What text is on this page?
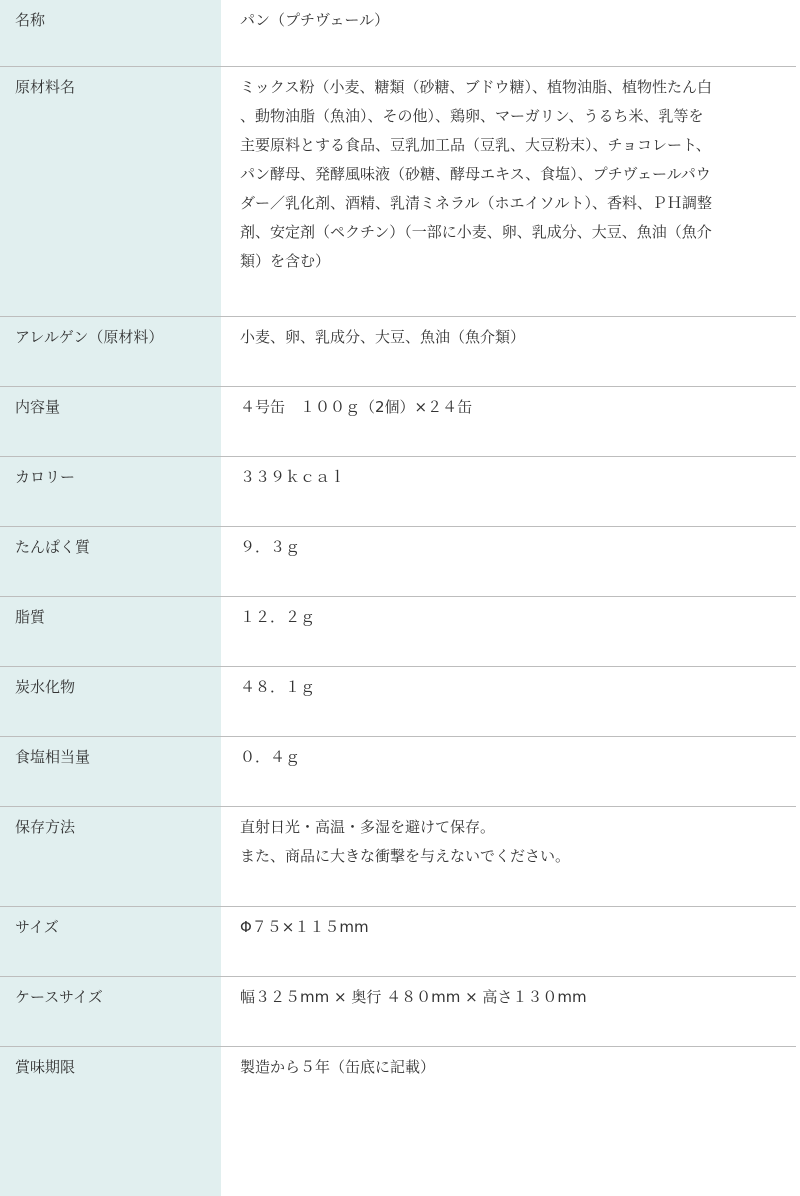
名称	パン（プチヴェール）
原材料名	ミックス粉（小麦、糖類（砂糖、ブドウ糖）、植物油脂、植物性たん白
、動物油脂（魚油）、その他）、鶏卵、マーガリン、うるち米、乳等を
主要原料とする食品、豆乳加工品（豆乳、大豆粉末）、チョコレート、
パン酵母、発酵風味液（砂糖、酵母エキス、食塩）、プチヴェールパウ
ダー／乳化剤、酒精、乳清ミネラル（ホエイソルト）、香料、ＰＨ調整
剤、安定剤（ペクチン）（一部に小麦、卵、乳成分、大豆、魚油（魚介
類）を含む）
アレルゲン（原材料）	小麦、卵、乳成分、大豆、魚油（魚介類）
内容量	４号缶　１００ｇ（2個）×２４缶
カロリー	３３９ｋｃａｌ
たんぱく質	９．３ｇ
脂質	１２．２ｇ
炭水化物	４８．１ｇ
食塩相当量	０．４ｇ
保存方法	直射日光・高温・多湿を避けて保存。
また、商品に大きな衝撃を与えないでください。
サイズ	Φ７５×１１５mm
ケースサイズ	幅３２５mm × 奥行 ４８０mm × 高さ１３０mm
賞味期限	製造から５年（缶底に記載）
